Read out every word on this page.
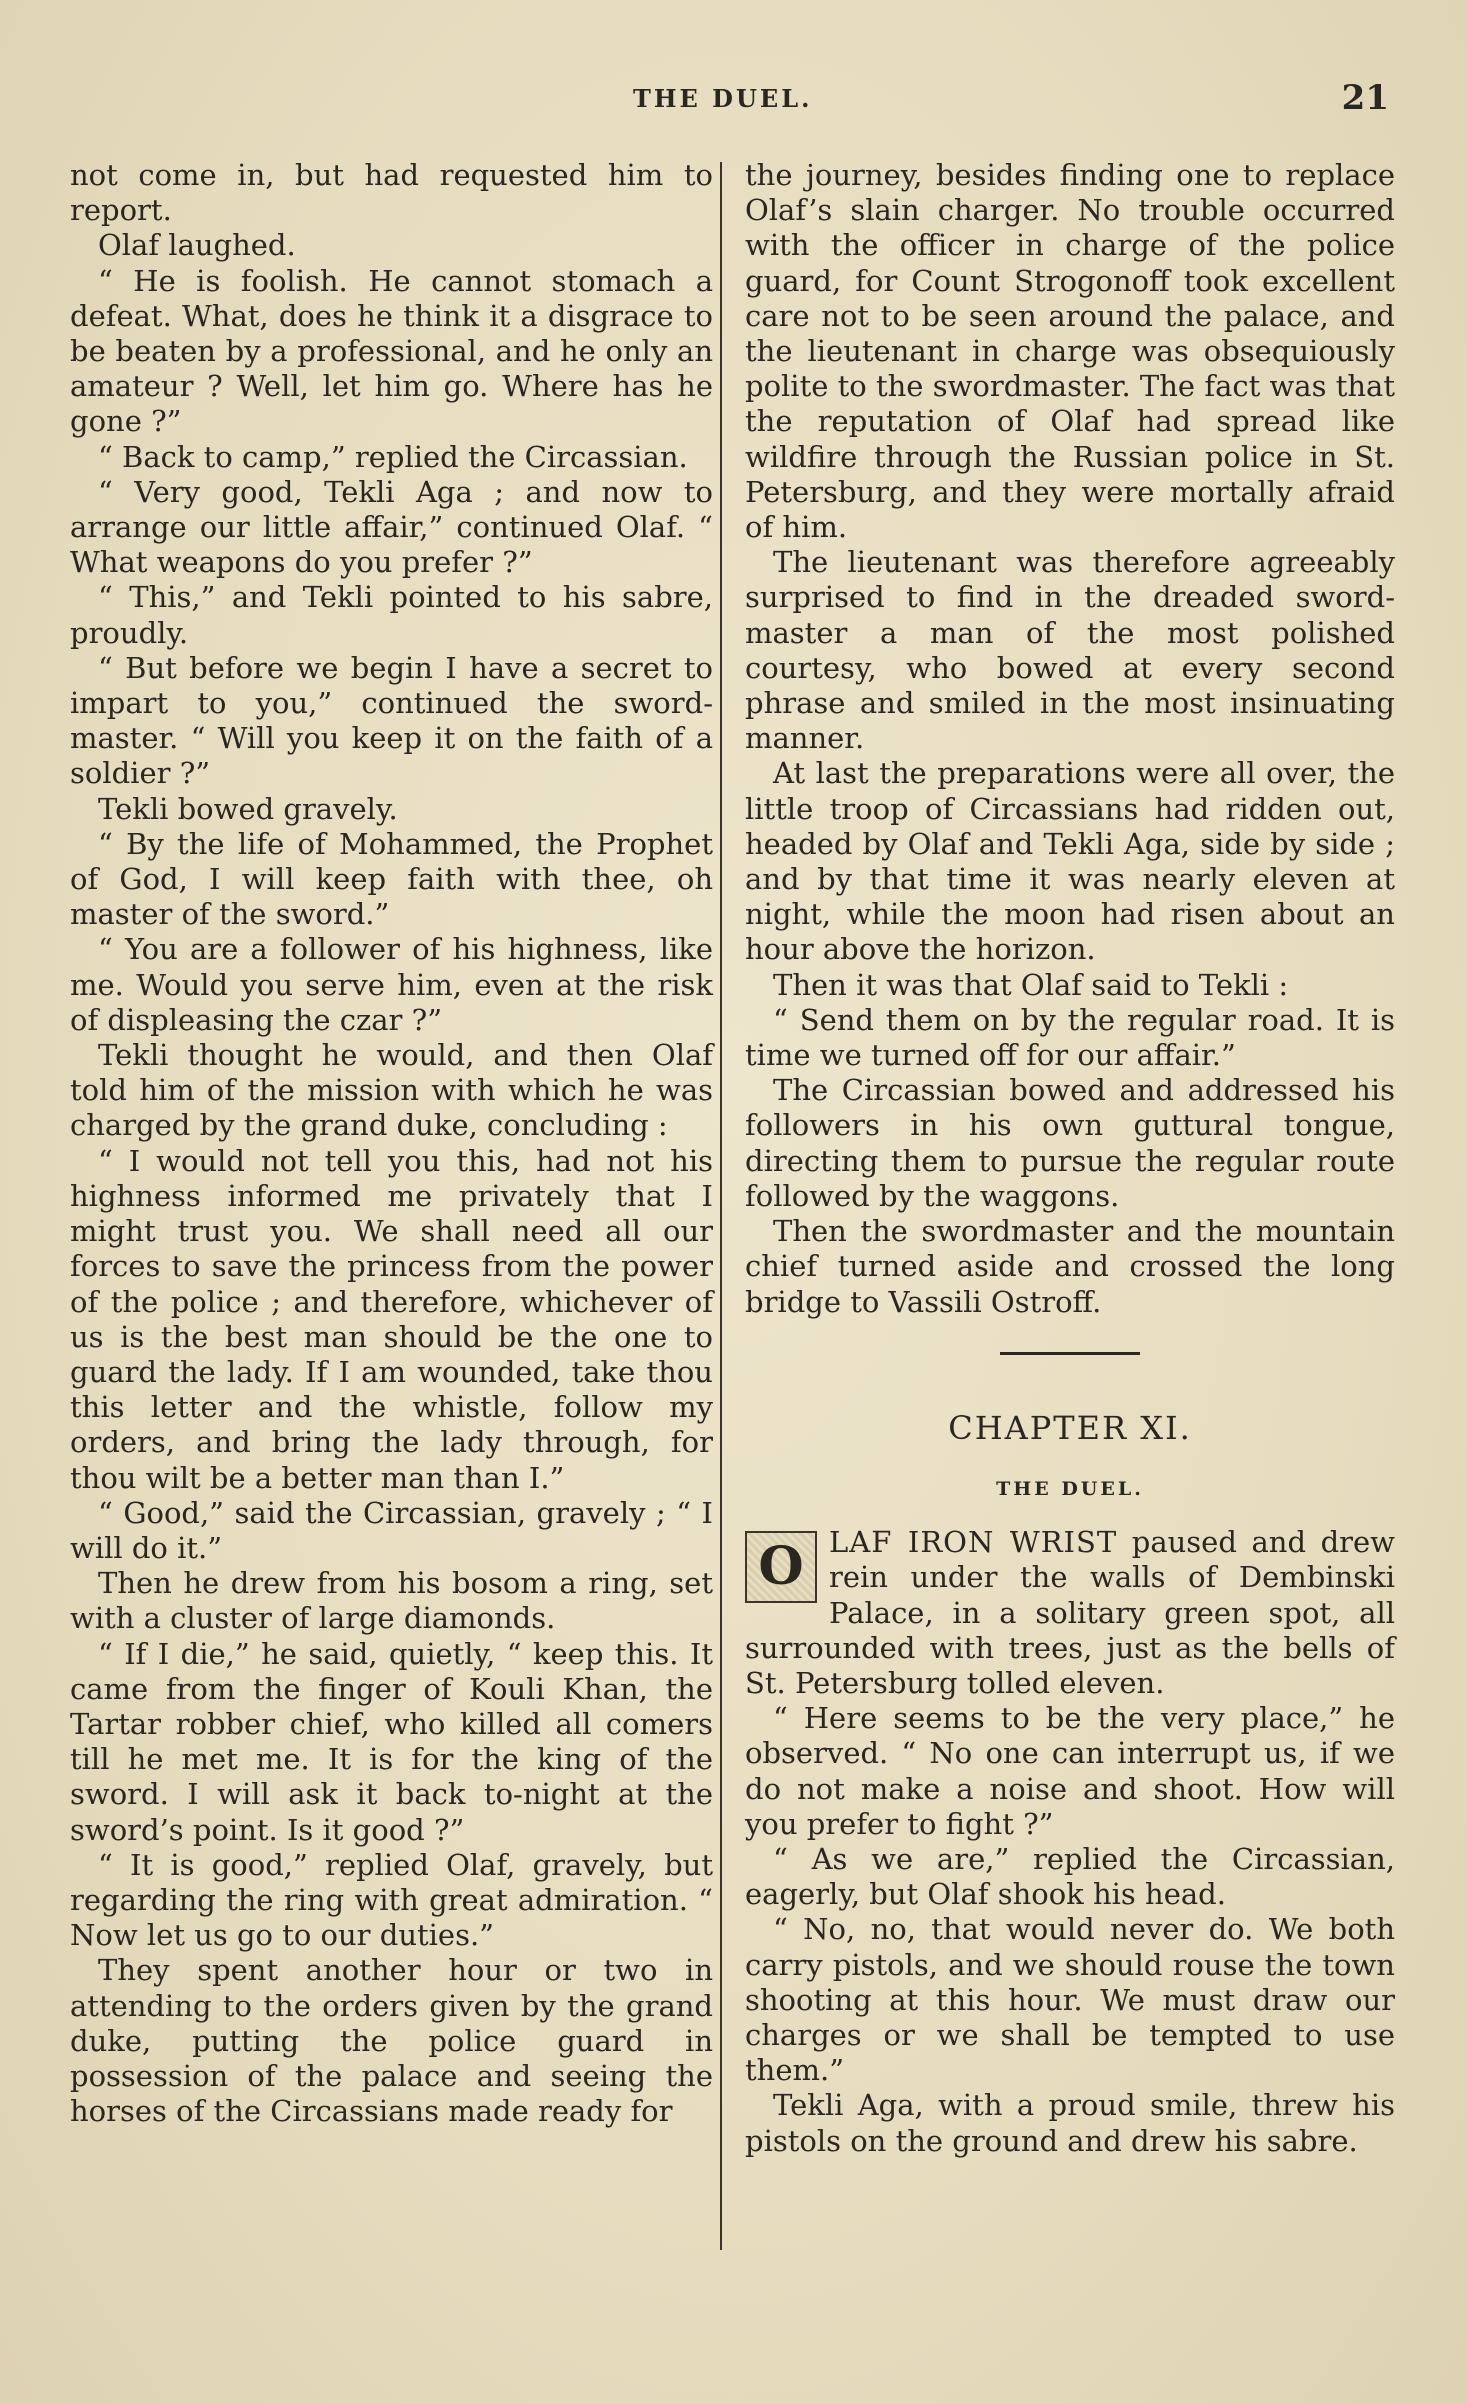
THE DUEL.	21

not come in, but had requested him to report.

Olaf laughed.

“ He is foolish. He cannot stomach a defeat. What, does he think it a disgrace to be beaten by a professional, and he only an amateur ? Well, let him go. Where has he gone ?”

“ Back to camp,” replied the Circassian.

“ Very good, Tekli Aga ; and now to arrange our little affair,” continued Olaf. “ What weapons do you prefer ?”

“ This,” and Tekli pointed to his sabre, proudly.

“ But before we begin I have a secret to impart to you,” continued the sword-master. “ Will you keep it on the faith of a soldier ?”

Tekli bowed gravely.

“ By the life of Mohammed, the Prophet of God, I will keep faith with thee, oh master of the sword.”

“ You are a follower of his highness, like me. Would you serve him, even at the risk of displeasing the czar ?”

Tekli thought he would, and then Olaf told him of the mission with which he was charged by the grand duke, concluding :

“ I would not tell you this, had not his highness informed me privately that I might trust you. We shall need all our forces to save the princess from the power of the police ; and therefore, whichever of us is the best man should be the one to guard the lady. If I am wounded, take thou this letter and the whistle, follow my orders, and bring the lady through, for thou wilt be a better man than I.”

“ Good,” said the Circassian, gravely ; “ I will do it.”

Then he drew from his bosom a ring, set with a cluster of large diamonds.

“ If I die,” he said, quietly, “ keep this. It came from the finger of Kouli Khan, the Tartar robber chief, who killed all comers till he met me. It is for the king of the sword. I will ask it back to-night at the sword’s point. Is it good ?”

“ It is good,” replied Olaf, gravely, but regarding the ring with great admiration. “ Now let us go to our duties.”

They spent another hour or two in attending to the orders given by the grand duke, putting the police guard in possession of the palace and seeing the horses of the Circassians made ready for

the journey, besides finding one to replace Olaf’s slain charger. No trouble occurred with the officer in charge of the police guard, for Count Strogonoff took excellent care not to be seen around the palace, and the lieutenant in charge was obsequiously polite to the swordmaster. The fact was that the reputation of Olaf had spread like wildfire through the Russian police in St. Petersburg, and they were mortally afraid of him.

The lieutenant was therefore agreeably surprised to find in the dreaded sword-master a man of the most polished courtesy, who bowed at every second phrase and smiled in the most insinuating manner.

At last the preparations were all over, the little troop of Circassians had ridden out, headed by Olaf and Tekli Aga, side by side ; and by that time it was nearly eleven at night, while the moon had risen about an hour above the horizon.

Then it was that Olaf said to Tekli :

“ Send them on by the regular road. It is time we turned off for our affair.”

The Circassian bowed and addressed his followers in his own guttural tongue, directing them to pursue the regular route followed by the waggons.

Then the swordmaster and the mountain chief turned aside and crossed the long bridge to Vassili Ostroff.

CHAPTER XI.
THE DUEL.

O LAF IRON WRIST paused and drew rein under the walls of Dembinski Palace, in a solitary green spot, all surrounded with trees, just as the bells of St. Petersburg tolled eleven.

“ Here seems to be the very place,” he observed. “ No one can interrupt us, if we do not make a noise and shoot. How will you prefer to fight ?”

“ As we are,” replied the Circassian, eagerly, but Olaf shook his head.

“ No, no, that would never do. We both carry pistols, and we should rouse the town shooting at this hour. We must draw our charges or we shall be tempted to use them.”

Tekli Aga, with a proud smile, threw his pistols on the ground and drew his sabre.
